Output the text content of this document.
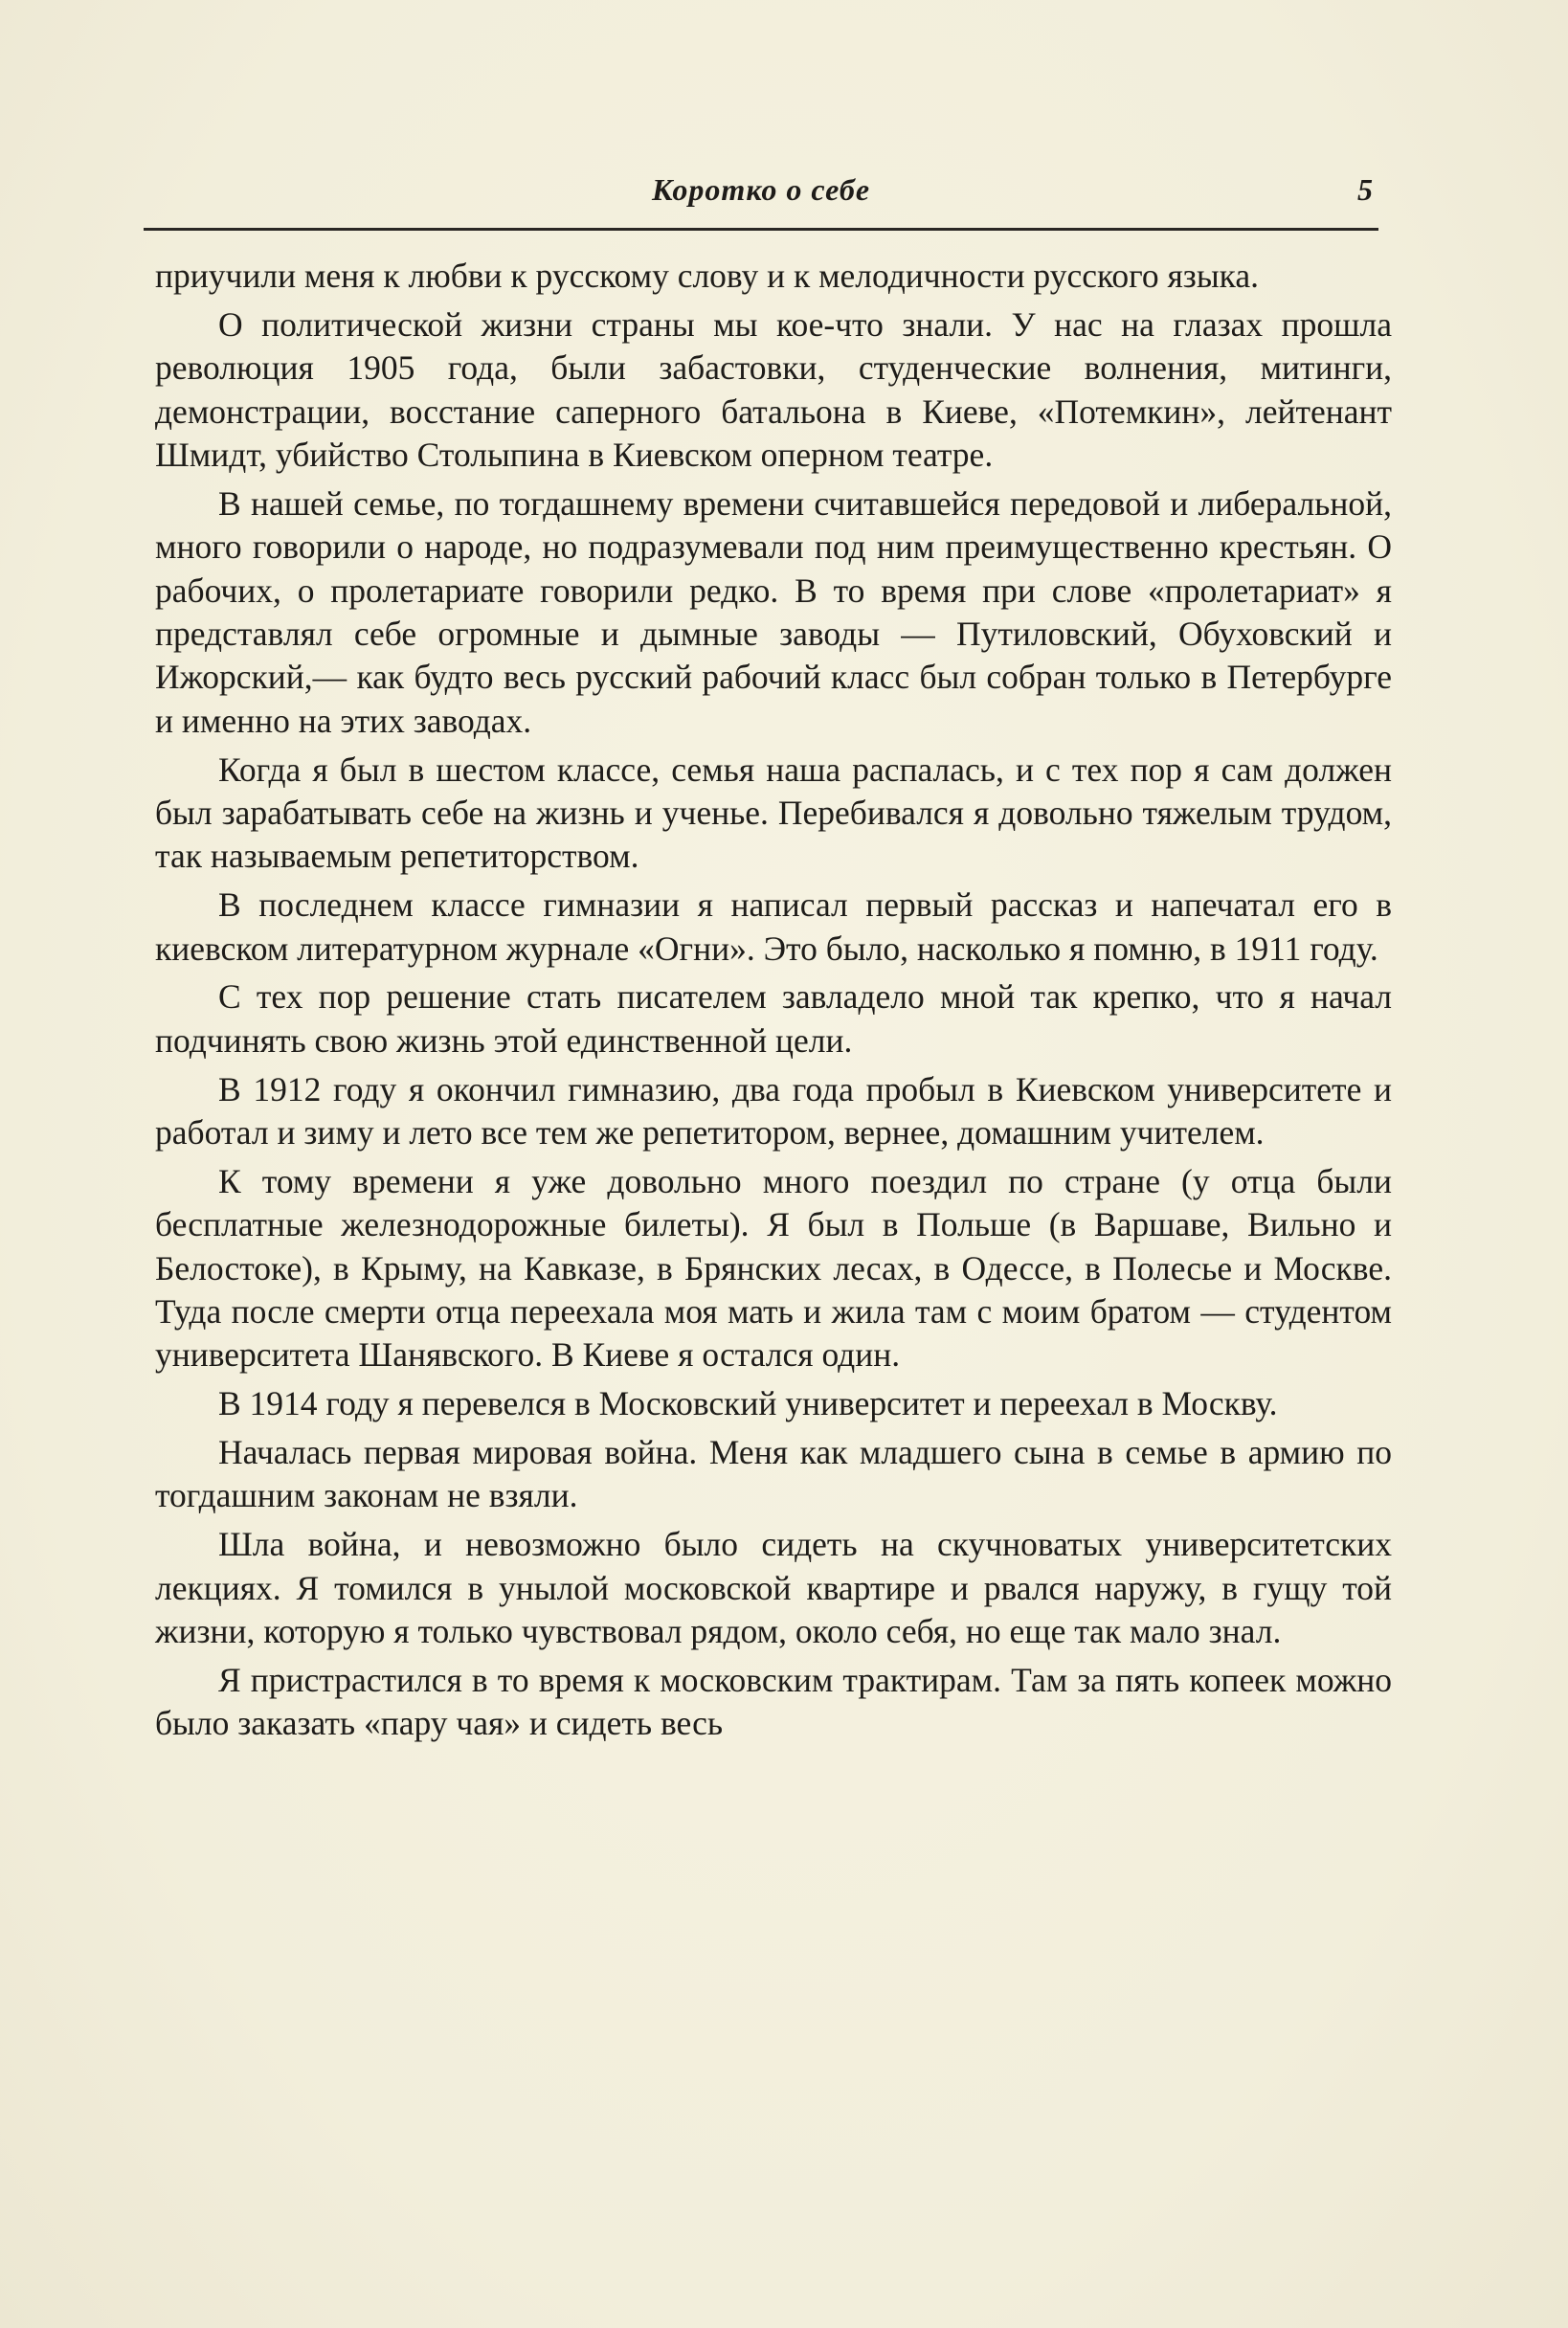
Коротко о себе	5

приучили меня к любви к русскому слову и к мелодичности русского языка.

О политической жизни страны мы кое-что знали. У нас на глазах прошла революция 1905 года, были забастовки, студенческие волнения, митинги, демонстрации, восстание саперного батальона в Киеве, «Потемкин», лейтенант Шмидт, убийство Столыпина в Киевском оперном театре.

В нашей семье, по тогдашнему времени считавшейся передовой и либеральной, много говорили о народе, но подразумевали под ним преимущественно крестьян. О рабочих, о пролетариате говорили редко. В то время при слове «пролетариат» я представлял себе огромные и дымные заводы — Путиловский, Обуховский и Ижорский,— как будто весь русский рабочий класс был собран только в Петербурге и именно на этих заводах.

Когда я был в шестом классе, семья наша распалась, и с тех пор я сам должен был зарабатывать себе на жизнь и ученье. Перебивался я довольно тяжелым трудом, так называемым репетиторством.

В последнем классе гимназии я написал первый рассказ и напечатал его в киевском литературном журнале «Огни». Это было, насколько я помню, в 1911 году.

С тех пор решение стать писателем завладело мной так крепко, что я начал подчинять свою жизнь этой единственной цели.

В 1912 году я окончил гимназию, два года пробыл в Киевском университете и работал и зиму и лето все тем же репетитором, вернее, домашним учителем.

К тому времени я уже довольно много поездил по стране (у отца были бесплатные железнодорожные билеты). Я был в Польше (в Варшаве, Вильно и Белостоке), в Крыму, на Кавказе, в Брянских лесах, в Одессе, в Полесье и Москве. Туда после смерти отца переехала моя мать и жила там с моим братом — студентом университета Шанявского. В Киеве я остался один.

В 1914 году я перевелся в Московский университет и переехал в Москву.

Началась первая мировая война. Меня как младшего сына в семье в армию по тогдашним законам не взяли.

Шла война, и невозможно было сидеть на скучноватых университетских лекциях. Я томился в унылой московской квартире и рвался наружу, в гущу той жизни, которую я только чувствовал рядом, около себя, но еще так мало знал.

Я пристрастился в то время к московским трактирам. Там за пять копеек можно было заказать «пару чая» и сидеть весь
